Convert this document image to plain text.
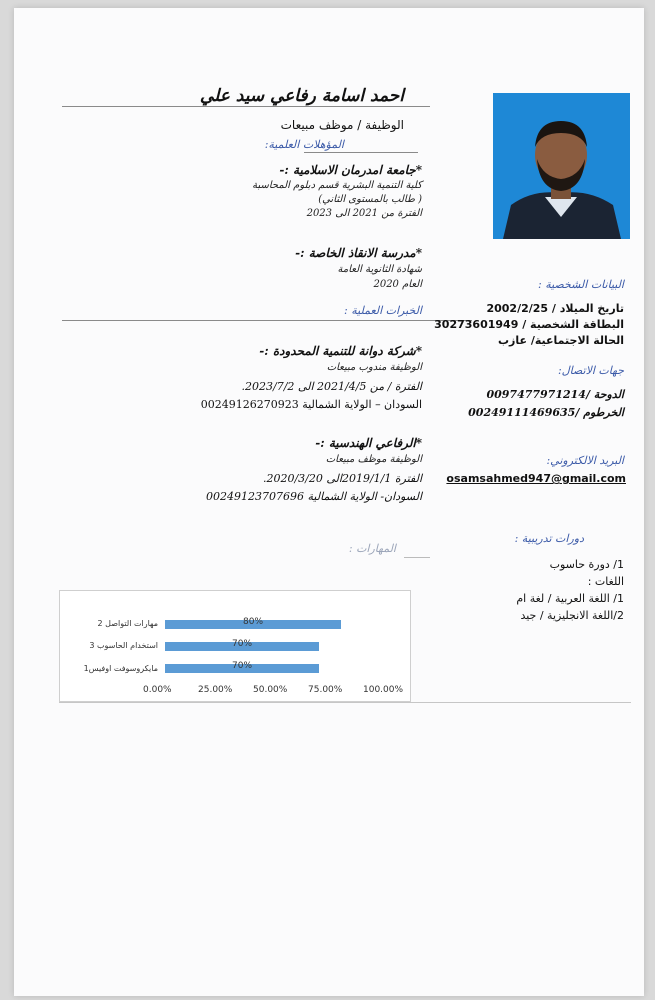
احمد اسامة رفاعي سيد علي
الوظيفة / موظف مبيعات
المؤهلات العلمية:
*جامعة امدرمان الاسلامية :-
كلية التنمية البشرية قسم دبلوم المحاسبة
( طالب بالمستوى الثاني)
الفترة من 2021 الى 2023
*مدرسة الانقاذ الخاصة :-
شهادة الثانوية العامة
العام 2020
الخبرات العملية :
*شركة دوانة للتنمية المحدودة :-
الوظيفة مندوب مبيعات
الفترة / من 2021/4/5 الى 2023/7/2.
السودان – الولاية الشمالية 00249126270923
*الرفاعي الهندسية :-
الوظيفة موظف مبيعات
الفترة 2019/1/1الى 2020/3/20.
السودان- الولاية الشمالية 00249123707696
المهارات :
البيانات الشخصية :
تاريخ الميلاد / 2002/2/25
البطاقة الشخصية / 30273601949
الحالة الاجتماعية/ عازب
جهات الاتصال:
الدوحة /0097477971214
الخرطوم /00249111469635
البريد الالكتروني:
osamsahmed947@gmail.com
دورات تدريبية :
1/ دورة حاسوب
اللغات :
1/ اللغة العربية / لغة ام
2/اللغة الانجليزية / جيد
مهارات التواصل 2
استخدام الحاسوب 3
مايكروسوفت اوفيس1
80%
70%
70%
0.00%	25.00% 50.00% 75.00% 100.00%
